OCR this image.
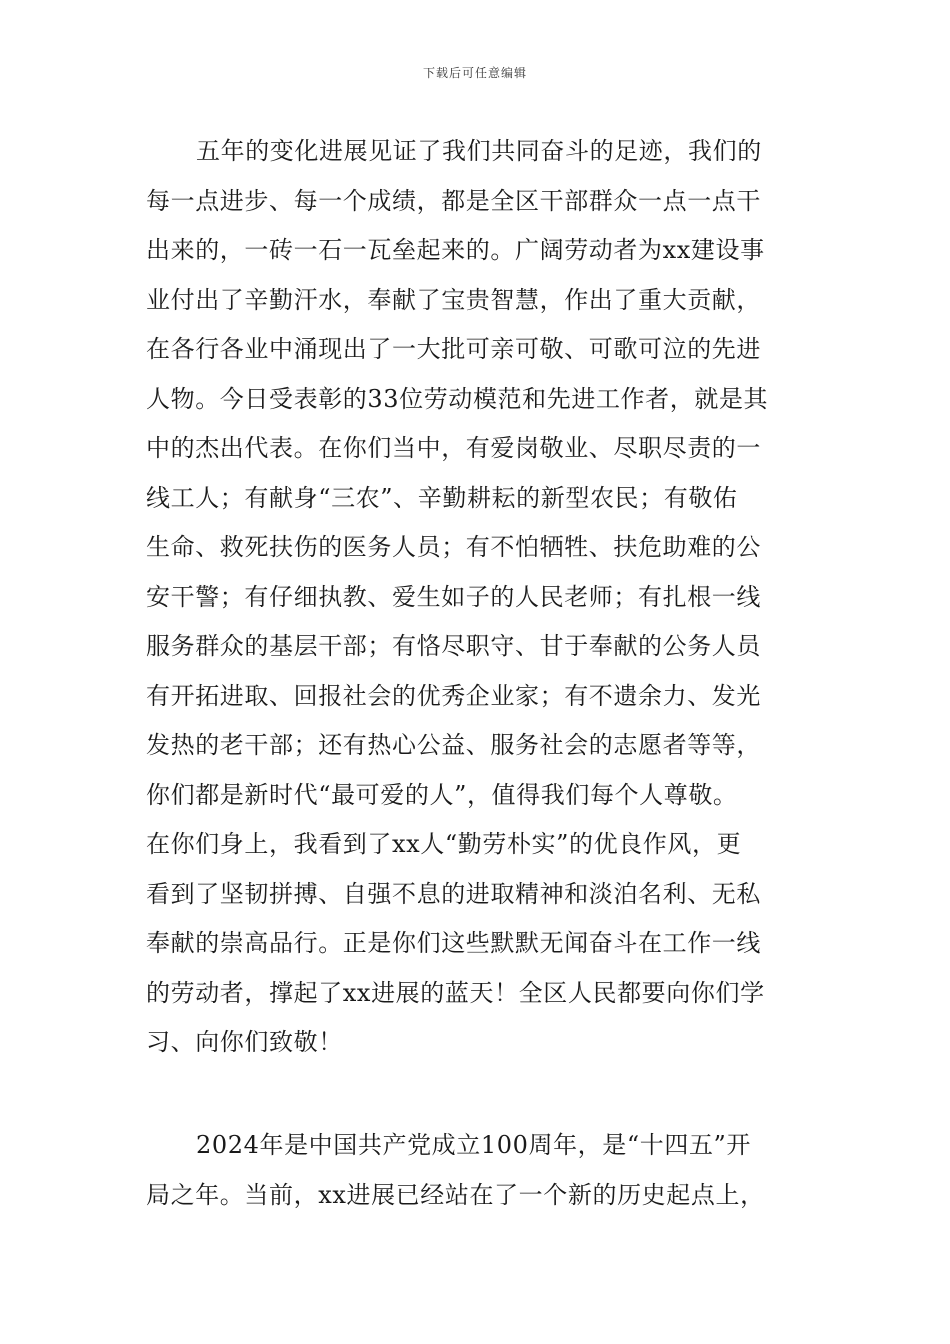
下载后可任意编辑
五年的变化进展见证了我们共同奋斗的足迹，我们的
每一点进步、每一个成绩，都是全区干部群众一点一点干
出来的，一砖一石一瓦垒起来的。广阔劳动者为xx建设事
业付出了辛勤汗水，奉献了宝贵智慧，作出了重大贡献，
在各行各业中涌现出了一大批可亲可敬、可歌可泣的先进
人物。今日受表彰的33位劳动模范和先进工作者，就是其
中的杰出代表。在你们当中，有爱岗敬业、尽职尽责的一
线工人；有献身“三农”、辛勤耕耘的新型农民；有敬佑
生命、救死扶伤的医务人员；有不怕牺牲、扶危助难的公
安干警；有仔细执教、爱生如子的人民老师；有扎根一线
服务群众的基层干部；有恪尽职守、甘于奉献的公务人员
有开拓进取、回报社会的优秀企业家；有不遗余力、发光
发热的老干部；还有热心公益、服务社会的志愿者等等，
你们都是新时代“最可爱的人”，值得我们每个人尊敬。
在你们身上，我看到了xx人“勤劳朴实”的优良作风，更
看到了坚韧拼搏、自强不息的进取精神和淡泊名利、无私
奉献的崇高品行。正是你们这些默默无闻奋斗在工作一线
的劳动者，撑起了xx进展的蓝天！全区人民都要向你们学
习、向你们致敬！
2024年是中国共产党成立100周年，是“十四五”开
局之年。当前，xx进展已经站在了一个新的历史起点上，
